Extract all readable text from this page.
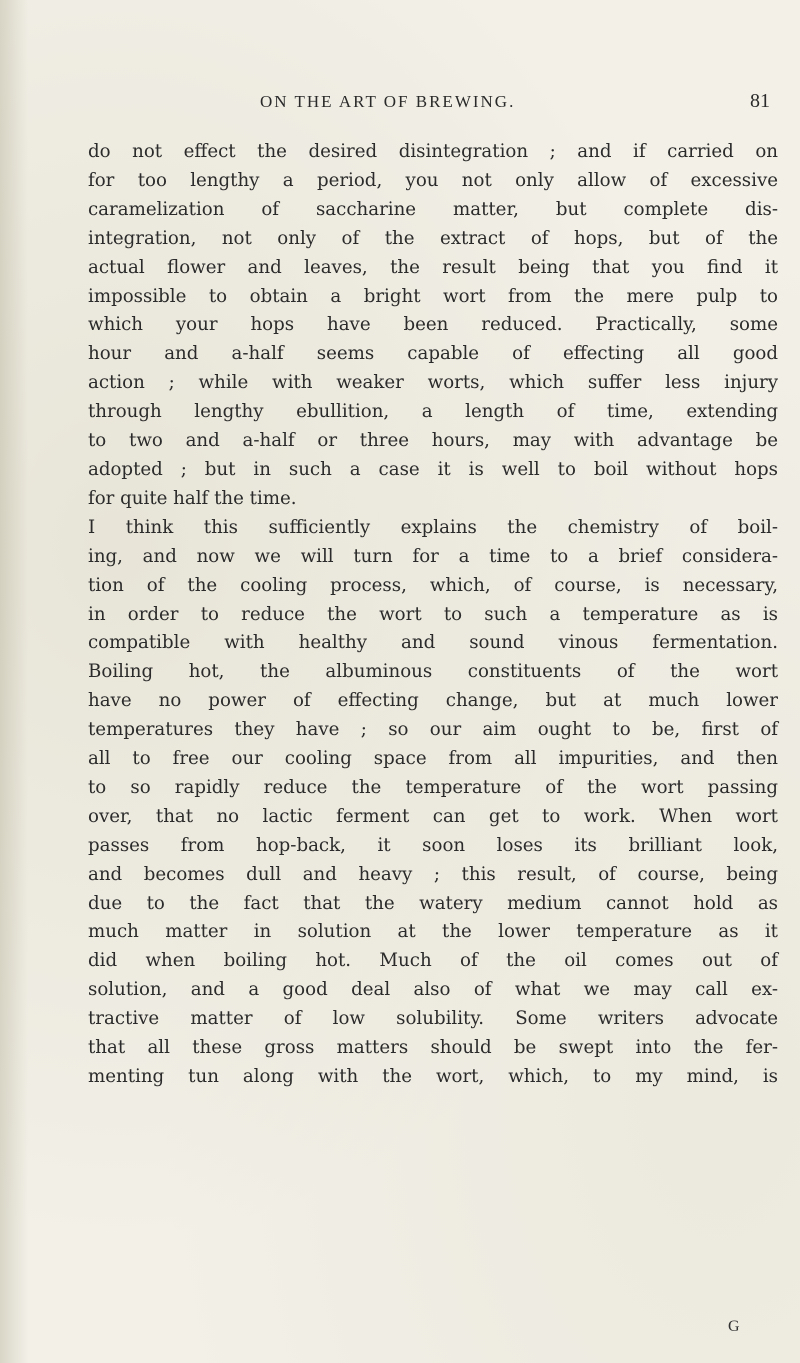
ON THE ART OF BREWING.	81
do not effect the desired disintegration ; and if carried on
for too lengthy a period, you not only allow of excessive
caramelization of saccharine matter, but complete dis-
integration, not only of the extract of hops, but of the
actual flower and leaves, the result being that you find it
impossible to obtain a bright wort from the mere pulp to
which your hops have been reduced. Practically, some
hour and a-half seems capable of effecting all good
action ; while with weaker worts, which suffer less injury
through lengthy ebullition, a length of time, extending
to two and a-half or three hours, may with advantage be
adopted ; but in such a case it is well to boil without hops
for quite half the time.
I think this sufficiently explains the chemistry of boil-
ing, and now we will turn for a time to a brief considera-
tion of the cooling process, which, of course, is necessary,
in order to reduce the wort to such a temperature as is
compatible with healthy and sound vinous fermentation.
Boiling hot, the albuminous constituents of the wort
have no power of effecting change, but at much lower
temperatures they have ; so our aim ought to be, first of
all to free our cooling space from all impurities, and then
to so rapidly reduce the temperature of the wort passing
over, that no lactic ferment can get to work. When wort
passes from hop-back, it soon loses its brilliant look,
and becomes dull and heavy ; this result, of course, being
due to the fact that the watery medium cannot hold as
much matter in solution at the lower temperature as it
did when boiling hot. Much of the oil comes out of
solution, and a good deal also of what we may call ex-
tractive matter of low solubility. Some writers advocate
that all these gross matters should be swept into the fer-
menting tun along with the wort, which, to my mind, is
G
